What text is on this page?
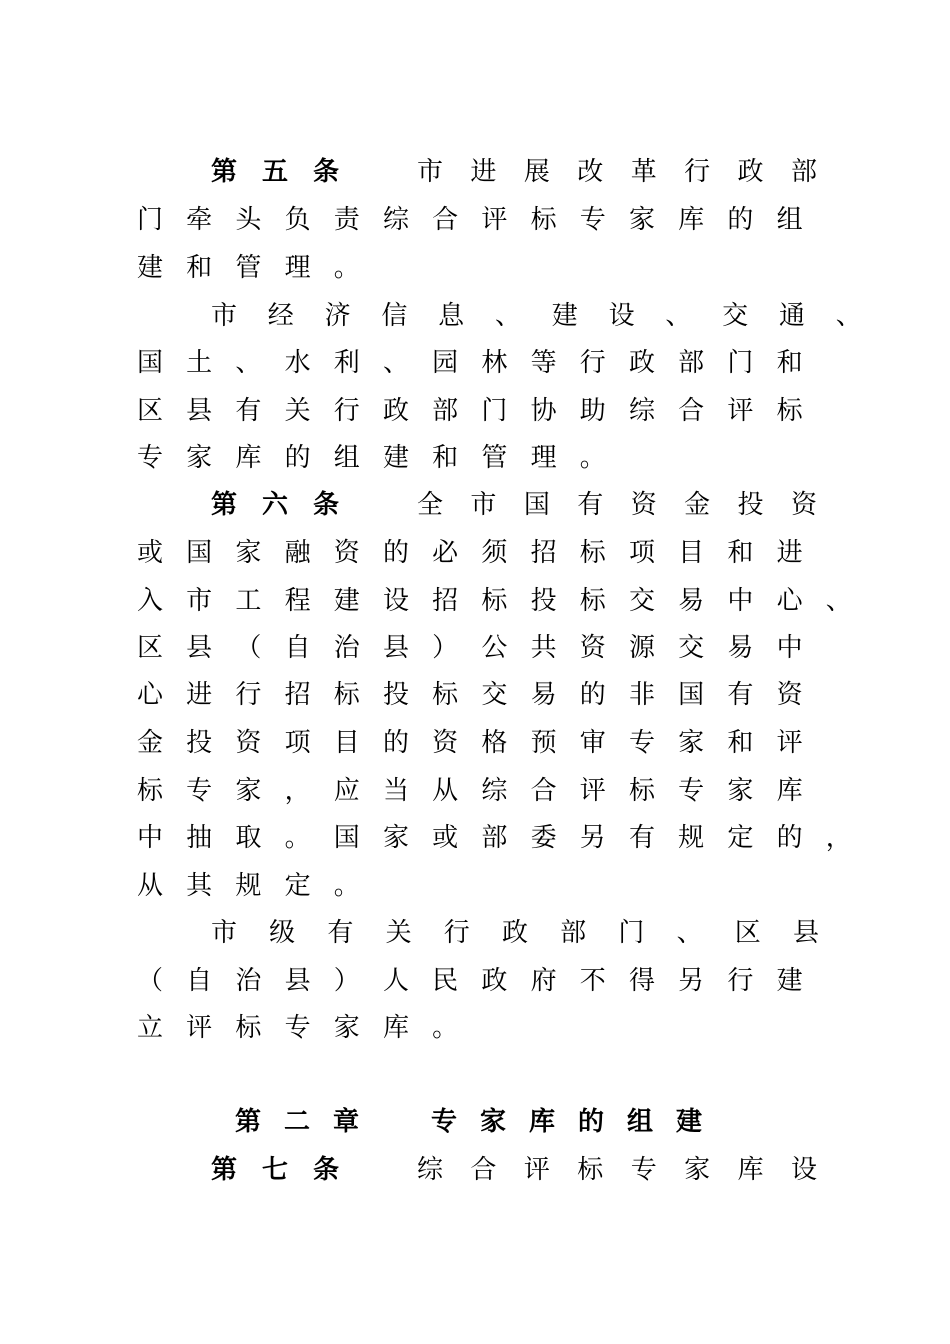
第 五 条	市 进 展 改 革 行 政 部
门 牵 头 负 责 综 合 评 标 专 家 库 的 组
建 和 管 理 。
市 经 济 信 息 、 建 设 、 交 通 、
国 土 、 水 利 、 园 林 等 行 政 部 门 和
区 县 有 关 行 政 部 门 协 助 综 合 评 标
专 家 库 的 组 建 和 管 理 。
第 六 条	全 市 国 有 资 金 投 资
或 国 家 融 资 的 必 须 招 标 项 目 和 进
入 市 工 程 建 设 招 标 投 标 交 易 中 心 、
区 县 （ 自 治 县 ） 公 共 资 源 交 易 中
心 进 行 招 标 投 标 交 易 的 非 国 有 资
金 投 资 项 目 的 资 格 预 审 专 家 和 评
标 专 家 ， 应 当 从 综 合 评 标 专 家 库
中 抽 取 。 国 家 或 部 委 另 有 规 定 的 ，
从 其 规 定 。
市 级 有 关 行 政 部 门 、 区 县
（ 自 治 县 ） 人 民 政 府 不 得 另 行 建
立 评 标 专 家 库 。
第 二 章	专 家 库 的 组 建
第 七 条	综 合 评 标 专 家 库 设
